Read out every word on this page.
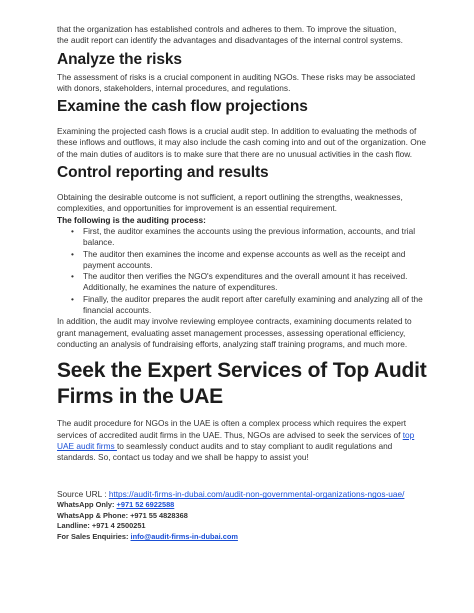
that the organization has established controls and adheres to them. To improve the situation,
the audit report can identify the advantages and disadvantages of the internal control systems.

Analyze the risks

The assessment of risks is a crucial component in auditing NGOs. These risks may be associated with donors, stakeholders, internal procedures, and regulations.

Examine the cash flow projections

Examining the projected cash flows is a crucial audit step. In addition to evaluating the methods of these inflows and outflows, it may also include the cash coming into and out of the organization. One of the main duties of auditors is to make sure that there are no unusual activities in the cash flow.

Control reporting and results

Obtaining the desirable outcome is not sufficient, a report outlining the strengths, weaknesses, complexities, and opportunities for improvement is an essential requirement.

The following is the auditing process:

• First, the auditor examines the accounts using the previous information, accounts, and trial balance.
• The auditor then examines the income and expense accounts as well as the receipt and payment accounts.
• The auditor then verifies the NGO's expenditures and the overall amount it has received. Additionally, he examines the nature of expenditures.
• Finally, the auditor prepares the audit report after carefully examining and analyzing all of the financial accounts.

In addition, the audit may involve reviewing employee contracts, examining documents related to grant management, evaluating asset management processes, assessing operational efficiency, conducting an analysis of fundraising efforts, analyzing staff training programs, and much more.

Seek the Expert Services of Top Audit Firms in the UAE

The audit procedure for NGOs in the UAE is often a complex process which requires the expert services of accredited audit firms in the UAE. Thus, NGOs are advised to seek the services of top UAE audit firms to seamlessly conduct audits and to stay compliant to audit regulations and standards. So, contact us today and we shall be happy to assist you!

Source URL : https://audit-firms-in-dubai.com/audit-non-governmental-organizations-ngos-uae/
WhatsApp Only: +971 52 6922588
WhatsApp & Phone: +971 55 4828368
Landline: +971 4 2500251
For Sales Enquiries: info@audit-firms-in-dubai.com
